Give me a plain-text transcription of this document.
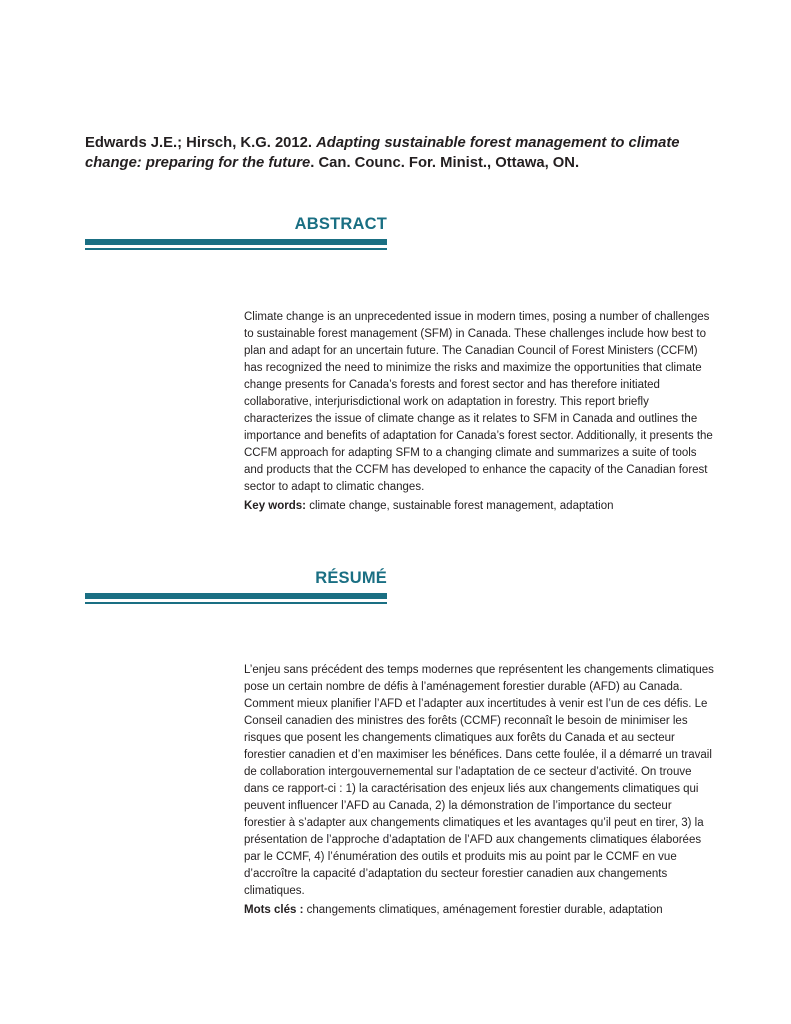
Edwards J.E.; Hirsch, K.G. 2012. Adapting sustainable forest management to climate change: preparing for the future. Can. Counc. For. Minist., Ottawa, ON.
ABSTRACT
Climate change is an unprecedented issue in modern times, posing a number of challenges to sustainable forest management (SFM) in Canada. These challenges include how best to plan and adapt for an uncertain future. The Canadian Council of Forest Ministers (CCFM) has recognized the need to minimize the risks and maximize the opportunities that climate change presents for Canada’s forests and forest sector and has therefore initiated collaborative, interjurisdictional work on adaptation in forestry. This report briefly characterizes the issue of climate change as it relates to SFM in Canada and outlines the importance and benefits of adaptation for Canada’s forest sector. Additionally, it presents the CCFM approach for adapting SFM to a changing climate and summarizes a suite of tools and products that the CCFM has developed to enhance the capacity of the Canadian forest sector to adapt to climatic changes.
Key words: climate change, sustainable forest management, adaptation
RÉSUMÉ
L’enjeu sans précédent des temps modernes que représentent les changements climatiques pose un certain nombre de défis à l’aménagement forestier durable (AFD) au Canada. Comment mieux planifier l’AFD et l’adapter aux incertitudes à venir est l’un de ces défis. Le Conseil canadien des ministres des forêts (CCMF) reconnaît le besoin de minimiser les risques que posent les changements climatiques aux forêts du Canada et au secteur forestier canadien et d’en maximiser les bénéfices. Dans cette foulée, il a démarré un travail de collaboration intergouvernemental sur l’adaptation de ce secteur d’activité. On trouve dans ce rapport-ci : 1) la caractérisation des enjeux liés aux changements climatiques qui peuvent influencer l’AFD au Canada, 2) la démonstration de l’importance du secteur forestier à s’adapter aux changements climatiques et les avantages qu’il peut en tirer, 3) la présentation de l’approche d’adaptation de l’AFD aux changements climatiques élaborées par le CCMF, 4) l’énumération des outils et produits mis au point par le CCMF en vue d’accroître la capacité d’adaptation du secteur forestier canadien aux changements climatiques.
Mots clés : changements climatiques, aménagement forestier durable, adaptation
